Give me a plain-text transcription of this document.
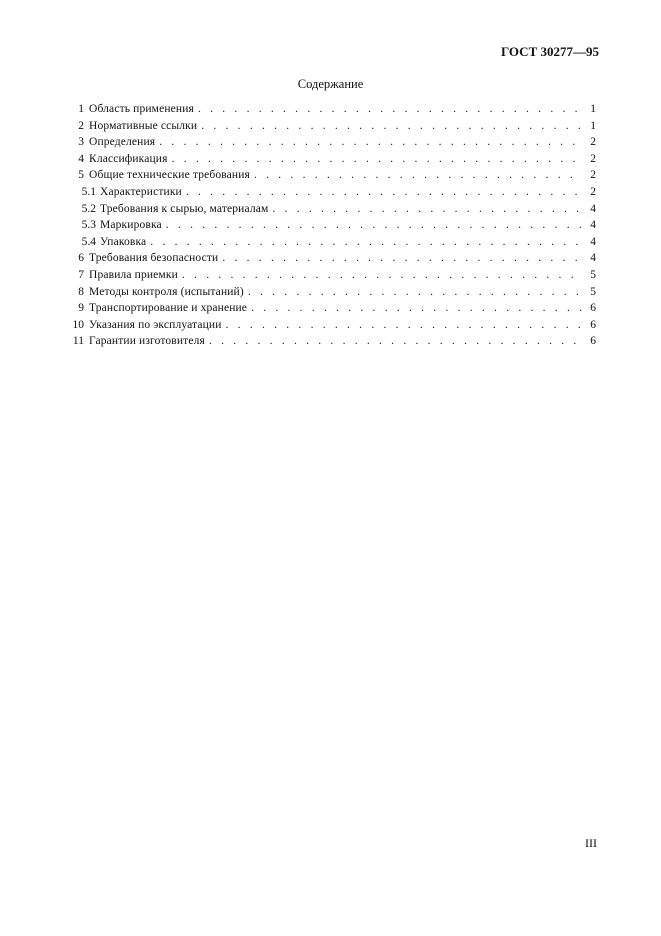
ГОСТ 30277—95
Содержание
1 Область применения . . .	1
2 Нормативные ссылки . . .	1
3 Определения . . .	2
4 Классификация . . .	2
5 Общие технические требования . . .	2
5.1 Характеристики . . .	2
5.2 Требования к сырью, материалам . . .	4
5.3 Маркировка . . .	4
5.4 Упаковка . . .	4
6 Требования безопасности . . .	4
7 Правила приемки . . .	5
8 Методы контроля (испытаний) . . .	5
9 Транспортирование и хранение . . .	6
10 Указания по эксплуатации . . .	6
11 Гарантии изготовителя . . .	6
III
